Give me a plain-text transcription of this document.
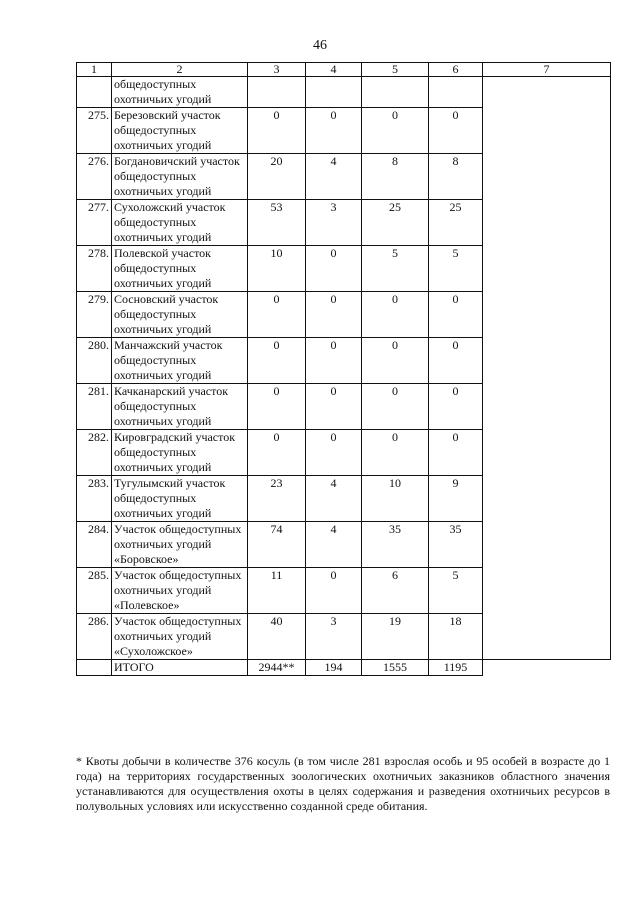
46
1	2	3	4	5	6	7
	общедоступных охотничьих угодий					
275.	Березовский участок общедоступных охотничьих угодий	0	0	0	0	
276.	Богдановичский участок общедоступных охотничьих угодий	20	4	8	8	
277.	Сухоложский участок общедоступных охотничьих угодий	53	3	25	25	
278.	Полевской участок общедоступных охотничьих угодий	10	0	5	5	
279.	Сосновский участок общедоступных охотничьих угодий	0	0	0	0	
280.	Манчажский участок общедоступных охотничьих угодий	0	0	0	0	
281.	Качканарский участок общедоступных охотничьих угодий	0	0	0	0	
282.	Кировградский участок общедоступных охотничьих угодий	0	0	0	0	
283.	Тугулымский участок общедоступных охотничьих угодий	23	4	10	9	
284.	Участок общедоступных охотничьих угодий «Боровское»	74	4	35	35	
285.	Участок общедоступных охотничьих угодий «Полевское»	11	0	6	5	
286.	Участок общедоступных охотничьих угодий «Сухоложское»	40	3	19	18	
	ИТОГО	2944**	194	1555	1195	

* Квоты добычи в количестве 376 косуль (в том числе 281 взрослая особь и 95 особей в возрасте до 1 года) на территориях государственных зоологических охотничьих заказников областного значения устанавливаются для осуществления охоты в целях содержания и разведения охотничьих ресурсов в полувольных условиях или искусственно созданной среде обитания.
